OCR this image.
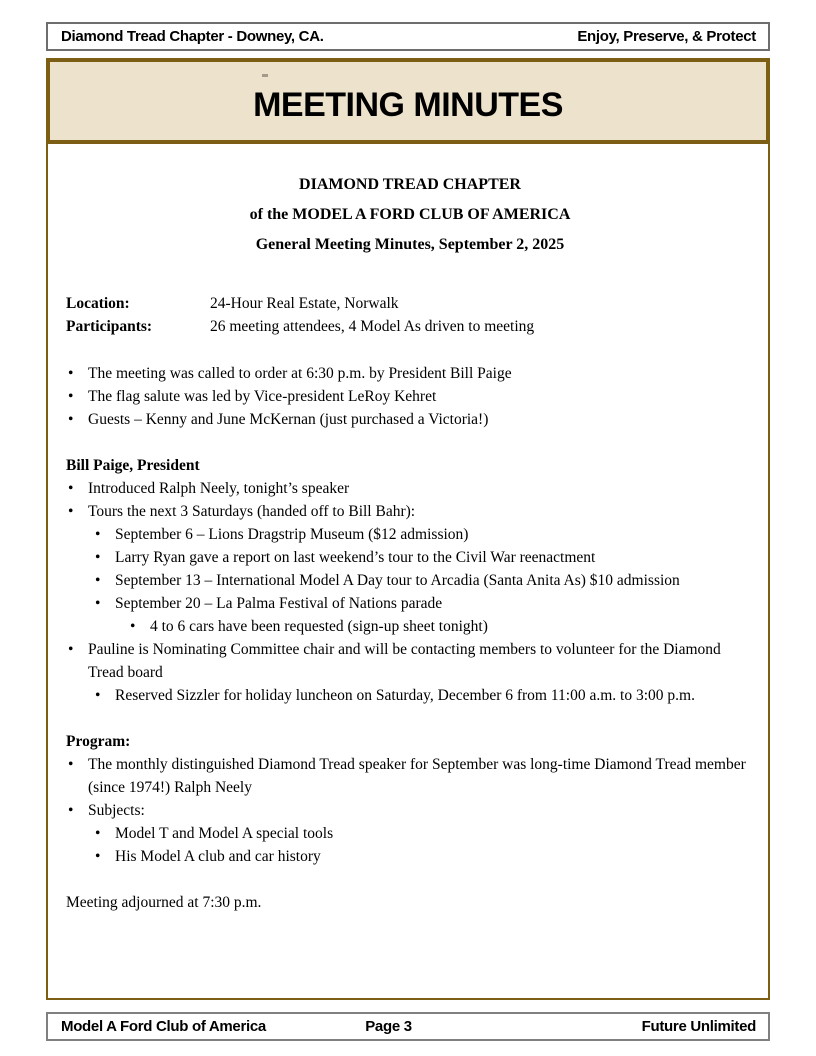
Diamond Tread Chapter - Downey, CA.	Enjoy, Preserve, & Protect
MEETING MINUTES
DIAMOND TREAD CHAPTER
of the MODEL A FORD CLUB OF AMERICA
General Meeting Minutes, September 2, 2025
Location:	24-Hour Real Estate, Norwalk
Participants:	26 meeting attendees, 4 Model As driven to meeting
•
The meeting was called to order at 6:30 p.m. by President Bill Paige
•
The flag salute was led by Vice-president LeRoy Kehret
•
Guests – Kenny and June McKernan (just purchased a Victoria!)
Bill Paige, President
•
Introduced Ralph Neely, tonight’s speaker
•
Tours the next 3 Saturdays (handed off to Bill Bahr):
•
September 6 – Lions Dragstrip Museum ($12 admission)
•
Larry Ryan gave a report on last weekend’s tour to the Civil War reenactment
•
September 13 – International Model A Day tour to Arcadia (Santa Anita As) $10 admission
•
September 20 – La Palma Festival of Nations parade
•
4 to 6 cars have been requested (sign-up sheet tonight)
•
Pauline is Nominating Committee chair and will be contacting members to volunteer for the Diamond Tread board
•
Reserved Sizzler for holiday luncheon on Saturday, December 6 from 11:00 a.m. to 3:00 p.m.
Program:
•
The monthly distinguished Diamond Tread speaker for September was long-time Diamond Tread member (since 1974!) Ralph Neely
•
Subjects:
•
Model T and Model A special tools
•
His Model A club and car history
Meeting adjourned at 7:30 p.m.
Model A Ford Club of America	Page 3	Future Unlimited
